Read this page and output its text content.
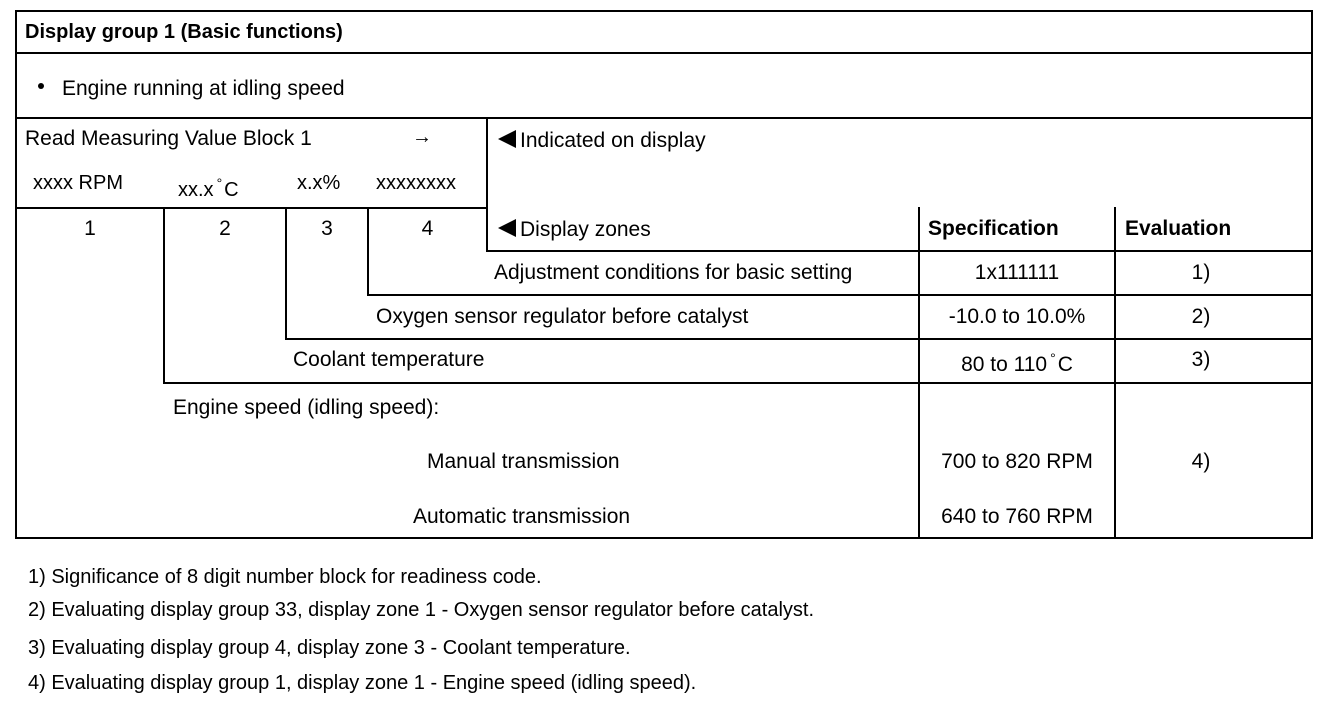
Display group 1 (Basic functions)
Engine running at idling speed
Read Measuring Value Block 1	→	Indicated on display
xxxx RPM	xx.x ° C	x.x% xxxxxxxx
1	2	3	4	Display zones	Specification	Evaluation
Adjustment conditions for basic setting	1x111111	1)
Oxygen sensor regulator before catalyst	-10.0 to 10.0%	2)
Coolant temperature	80 to 110 °C	3)
Engine speed (idling speed):
Manual transmission	700 to 820 RPM	4)
Automatic transmission	640 to 760 RPM
1) Significance of 8 digit number block for readiness code.
2) Evaluating display group 33, display zone 1 - Oxygen sensor regulator before catalyst.
3) Evaluating display group 4, display zone 3 - Coolant temperature.
4) Evaluating display group 1, display zone 1 - Engine speed (idling speed).
